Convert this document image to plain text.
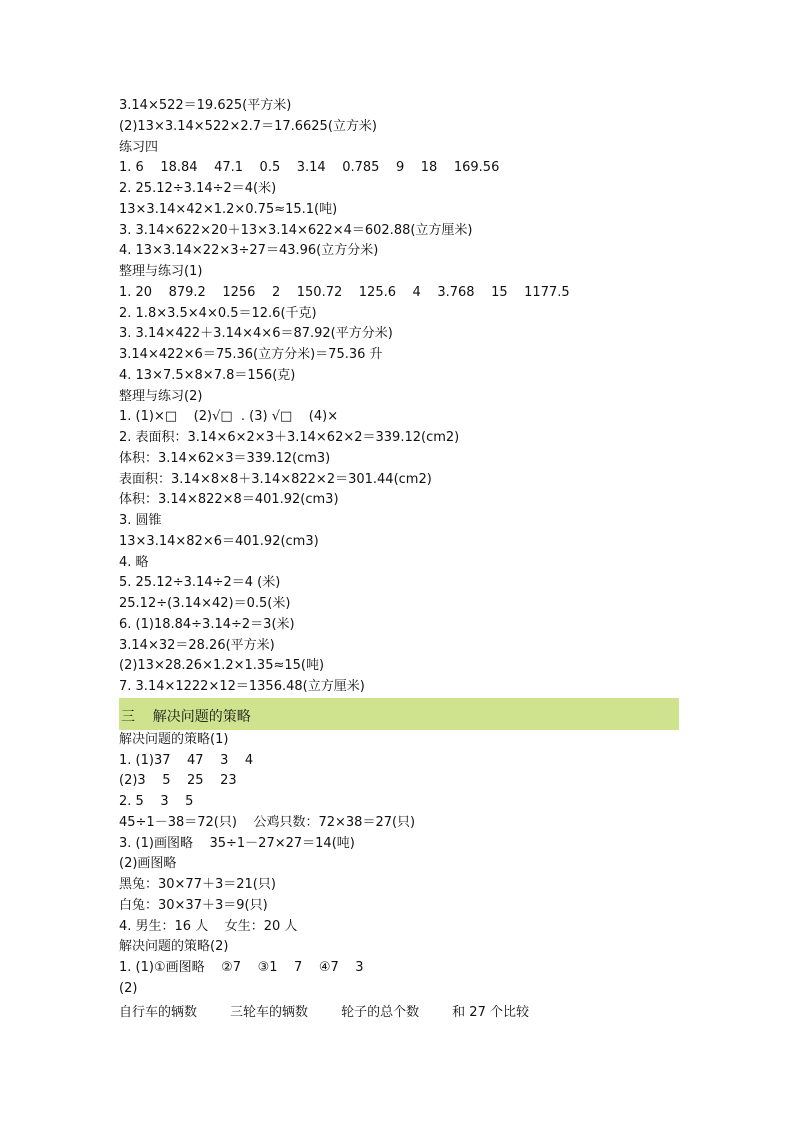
3.14×522＝19.625(平方米)
(2)13×3.14×522×2.7＝17.6625(立方米)
练习四
1. 6    18.84    47.1    0.5    3.14    0.785    9    18    169.56
2. 25.12÷3.14÷2＝4(米)
13×3.14×42×1.2×0.75≈15.1(吨)
3. 3.14×622×20＋13×3.14×622×4＝602.88(立方厘米)
4. 13×3.14×22×3÷27＝43.96(立方分米)
整理与练习(1)
1. 20    879.2    1256    2    150.72    125.6    4    3.768    15    1177.5
2. 1.8×3.5×4×0.5＝12.6(千克)
3. 3.14×422＋3.14×4×6＝87.92(平方分米)
3.14×422×6＝75.36(立方分米)＝75.36 升
4. 13×7.5×8×7.8＝156(克)
整理与练习(2)
1. (1)×□    (2)√□  . (3) √□    (4)×
2. 表面积：3.14×6×2×3＋3.14×62×2＝339.12(cm2)
体积：3.14×62×3＝339.12(cm3)
表面积：3.14×8×8＋3.14×822×2＝301.44(cm2)
体积：3.14×822×8＝401.92(cm3)
3. 圆锥
13×3.14×82×6＝401.92(cm3)
4. 略
5. 25.12÷3.14÷2＝4 (米)
25.12÷(3.14×42)＝0.5(米)
6. (1)18.84÷3.14÷2＝3(米)
3.14×32＝28.26(平方米)
(2)13×28.26×1.2×1.35≈15(吨)
7. 3.14×1222×12＝1356.48(立方厘米)
三    解决问题的策略
解决问题的策略(1)
1. (1)37    47    3    4
(2)3    5    25    23
2. 5    3    5
45÷1－38＝72(只)    公鸡只数：72×38＝27(只)
3. (1)画图略    35÷1－27×27＝14(吨)
(2)画图略
黑兔：30×77＋3＝21(只)
白兔：30×37＋3＝9(只)
4. 男生：16 人    女生：20 人
解决问题的策略(2)
1. (1)①画图略    ②7    ③1    7    ④7    3
(2)
自行车的辆数        三轮车的辆数        轮子的总个数        和 27 个比较
